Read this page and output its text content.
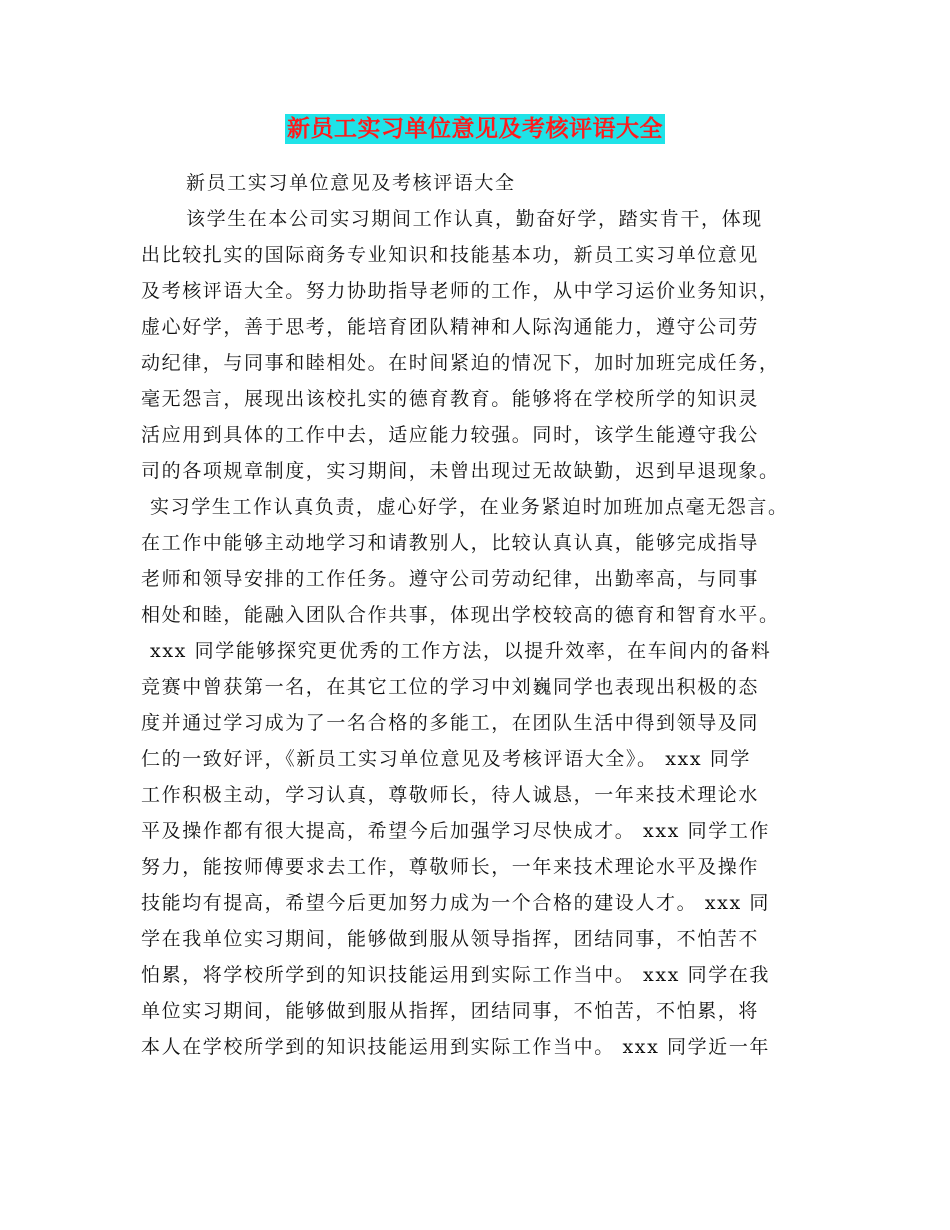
新员工实习单位意见及考核评语大全
新员工实习单位意见及考核评语大全
该学生在本公司实习期间工作认真，勤奋好学，踏实肯干，体现
出比较扎实的国际商务专业知识和技能基本功，新员工实习单位意见
及考核评语大全。努力协助指导老师的工作，从中学习运价业务知识，
虚心好学，善于思考，能培育团队精神和人际沟通能力，遵守公司劳
动纪律，与同事和睦相处。在时间紧迫的情况下，加时加班完成任务，
毫无怨言，展现出该校扎实的德育教育。能够将在学校所学的知识灵
活应用到具体的工作中去，适应能力较强。同时，该学生能遵守我公
司的各项规章制度，实习期间，未曾出现过无故缺勤，迟到早退现象。
实习学生工作认真负责，虚心好学，在业务紧迫时加班加点毫无怨言。
在工作中能够主动地学习和请教别人，比较认真认真，能够完成指导
老师和领导安排的工作任务。遵守公司劳动纪律，出勤率高，与同事
相处和睦，能融入团队合作共事，体现出学校较高的德育和智育水平。
xxx 同学能够探究更优秀的工作方法，以提升效率，在车间内的备料
竞赛中曾获第一名，在其它工位的学习中刘巍同学也表现出积极的态
度并通过学习成为了一名合格的多能工，在团队生活中得到领导及同
仁的一致好评，《新员工实习单位意见及考核评语大全》。 xxx 同学
工作积极主动，学习认真，尊敬师长，待人诚恳，一年来技术理论水
平及操作都有很大提高，希望今后加强学习尽快成才。 xxx 同学工作
努力，能按师傅要求去工作，尊敬师长，一年来技术理论水平及操作
技能均有提高，希望今后更加努力成为一个合格的建设人才。 xxx 同
学在我单位实习期间，能够做到服从领导指挥，团结同事，不怕苦不
怕累，将学校所学到的知识技能运用到实际工作当中。 xxx 同学在我
单位实习期间，能够做到服从指挥，团结同事，不怕苦，不怕累，将
本人在学校所学到的知识技能运用到实际工作当中。 xxx 同学近一年
